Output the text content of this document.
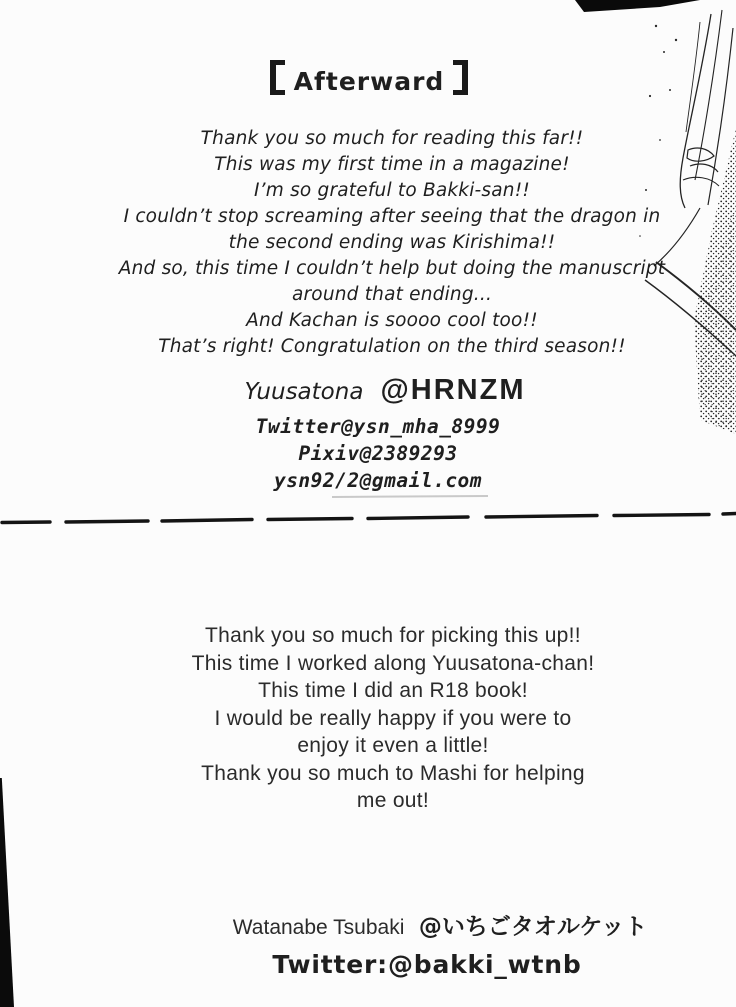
Afterward
Thank you so much for reading this far!!
This was my first time in a magazine!
I’m so grateful to Bakki-san!!
I couldn’t stop screaming after seeing that the dragon in
the second ending was Kirishima!!
And so, this time I couldn’t help but doing the manuscript
around that ending...
And Kachan is soooo cool too!!
That’s right! Congratulation on the third season!!
Yuusatona @HRNZM
Twitter@ysn_mha_8999
Pixiv@2389293
ysn92/2@gmail.com
Thank you so much for picking this up!!
This time I worked along Yuusatona-chan!
This time I did an R18 book!
I would be really happy if you were to
enjoy it even a little!
Thank you so much to Mashi for helping
me out!
Watanabe Tsubaki @いちごタオルケット
Twitter:@bakki_wtnb
